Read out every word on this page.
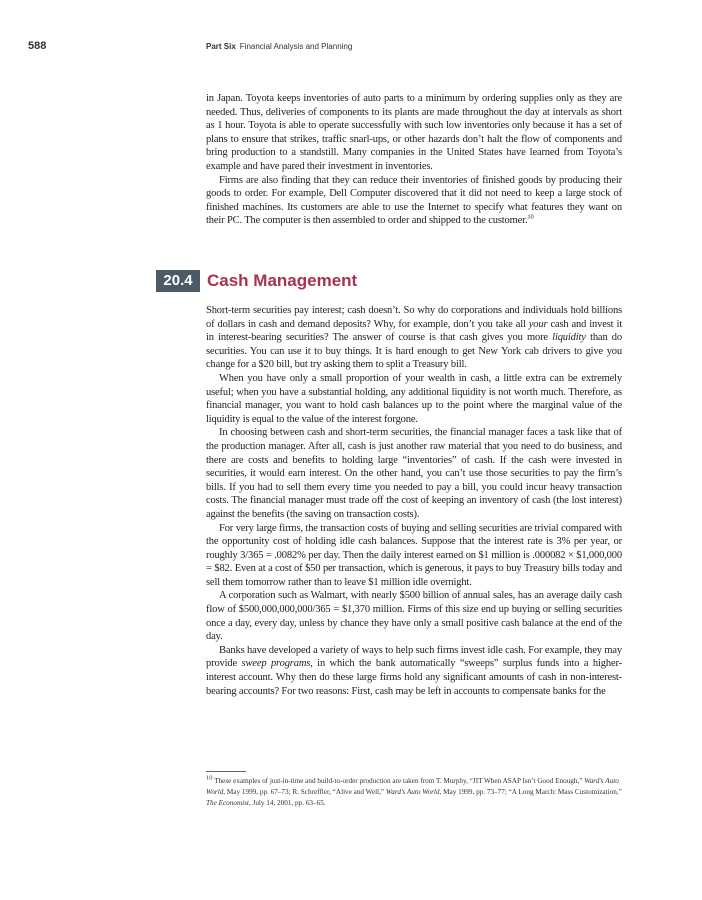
588	Part Six Financial Analysis and Planning

in Japan. Toyota keeps inventories of auto parts to a minimum by ordering supplies only as they are needed. Thus, deliveries of components to its plants are made throughout the day at intervals as short as 1 hour. Toyota is able to operate successfully with such low inventories only because it has a set of plans to ensure that strikes, traffic snarl-ups, or other hazards don’t halt the flow of components and bring production to a standstill. Many companies in the United States have learned from Toyota’s example and have pared their investment in inventories.

Firms are also finding that they can reduce their inventories of finished goods by producing their goods to order. For example, Dell Computer discovered that it did not need to keep a large stock of finished machines. Its customers are able to use the Internet to specify what features they want on their PC. The computer is then assembled to order and shipped to the customer.$^{10}$

20.4 Cash Management

Short-term securities pay interest; cash doesn’t. So why do corporations and individuals hold billions of dollars in cash and demand deposits? Why, for example, don’t you take all your cash and invest it in interest-bearing securities? The answer of course is that cash gives you more liquidity than do securities. You can use it to buy things. It is hard enough to get New York cab drivers to give you change for a $20 bill, but try asking them to split a Treasury bill.

When you have only a small proportion of your wealth in cash, a little extra can be extremely useful; when you have a substantial holding, any additional liquidity is not worth much. Therefore, as financial manager, you want to hold cash balances up to the point where the marginal value of the liquidity is equal to the value of the interest forgone.

In choosing between cash and short-term securities, the financial manager faces a task like that of the production manager. After all, cash is just another raw material that you need to do business, and there are costs and benefits to holding large “inventories” of cash. If the cash were invested in securities, it would earn interest. On the other hand, you can’t use those securities to pay the firm’s bills. If you had to sell them every time you needed to pay a bill, you could incur heavy transaction costs. The financial manager must trade off the cost of keeping an inventory of cash (the lost interest) against the benefits (the saving on transaction costs).

For very large firms, the transaction costs of buying and selling securities are trivial compared with the opportunity cost of holding idle cash balances. Suppose that the interest rate is 3% per year, or roughly 3/365 = .0082% per day. Then the daily interest earned on $1 million is .000082 × $1,000,000 = $82. Even at a cost of $50 per transaction, which is generous, it pays to buy Treasury bills today and sell them tomorrow rather than to leave $1 million idle overnight.

A corporation such as Walmart, with nearly $500 billion of annual sales, has an average daily cash flow of $500,000,000,000/365 = $1,370 million. Firms of this size end up buying or selling securities once a day, every day, unless by chance they have only a small positive cash balance at the end of the day.

Banks have developed a variety of ways to help such firms invest idle cash. For example, they may provide sweep programs, in which the bank automatically “sweeps” surplus funds into a higher-interest account. Why then do these large firms hold any significant amounts of cash in non-interest-bearing accounts? For two reasons: First, cash may be left in accounts to compensate banks for the

$^{10}$ These examples of just-in-time and build-to-order production are taken from T. Murphy, “JIT When ASAP Isn’t Good Enough,” Ward’s Auto World, May 1999, pp. 67–73; R. Schreffler, “Alive and Well,” Ward’s Auto World, May 1999, pp. 73–77; “A Long March: Mass Customization,” The Economist, July 14, 2001, pp. 63–65.
